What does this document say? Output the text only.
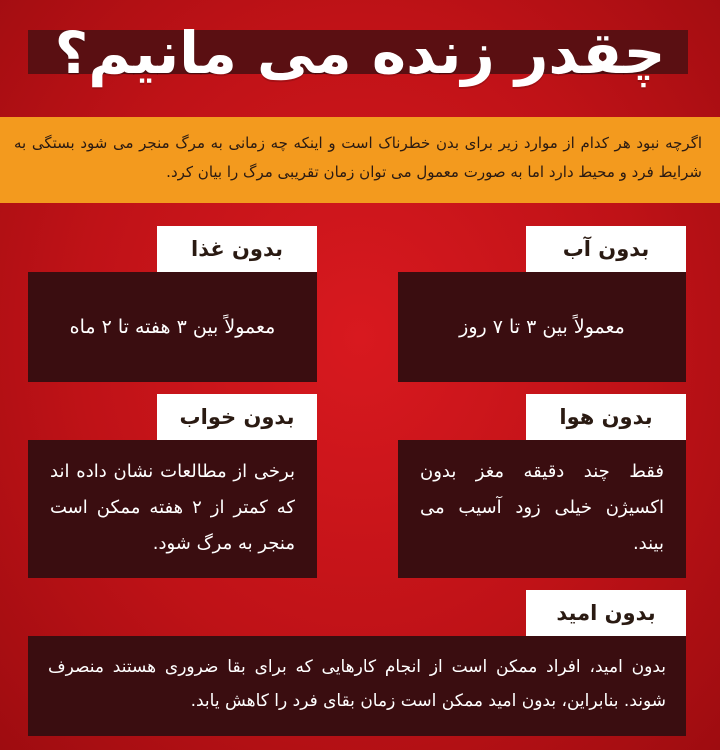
چقدر زنده می مانیم؟
اگرچه نبود هر کدام از موارد زیر برای بدن خطرناک است و اینکه چه زمانی به مرگ منجر می شود بستگی به شرایط فرد و محیط دارد اما به صورت معمول می توان زمان تقریبی مرگ را بیان کرد.
بدون آب
معمولاً بین ۳ تا ۷ روز
بدون غذا
معمولاً بین ۳ هفته تا ۲ ماه
بدون هوا
فقط چند دقیقه مغز بدون اکسیژن خیلی زود آسیب می بیند.
بدون خواب
برخی از مطالعات نشان داده اند که کمتر از ۲ هفته ممکن است منجر به مرگ شود.
بدون امید
بدون امید، افراد ممکن است از انجام کارهایی که برای بقا ضروری هستند منصرف شوند. بنابراین، بدون امید ممکن است زمان بقای فرد را کاهش یابد.
